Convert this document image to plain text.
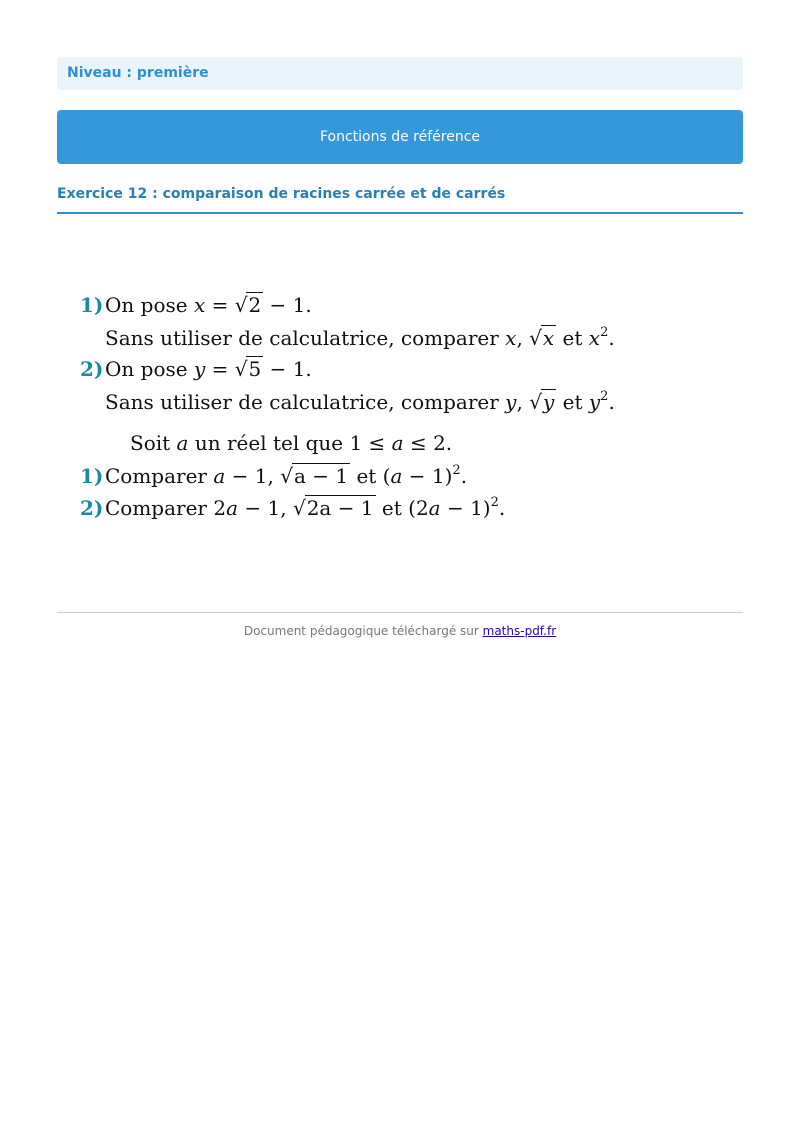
Niveau : première
Fonctions de référence
Exercice 12 : comparaison de racines carrée et de carrés
1)On pose x = √2 − 1.
Sans utiliser de calculatrice, comparer x, √x et $x^2$.
2)On pose y = √5 − 1.
Sans utiliser de calculatrice, comparer y, √y et $y^2$.
Soit a un réel tel que 1 ≤ a ≤ 2.
1)Comparer a − 1, √a − 1 et $(a - 1)^2$.
2)Comparer 2a − 1, √2a − 1 et $(2a - 1)^2$.
Document pédagogique téléchargé sur maths-pdf.fr
